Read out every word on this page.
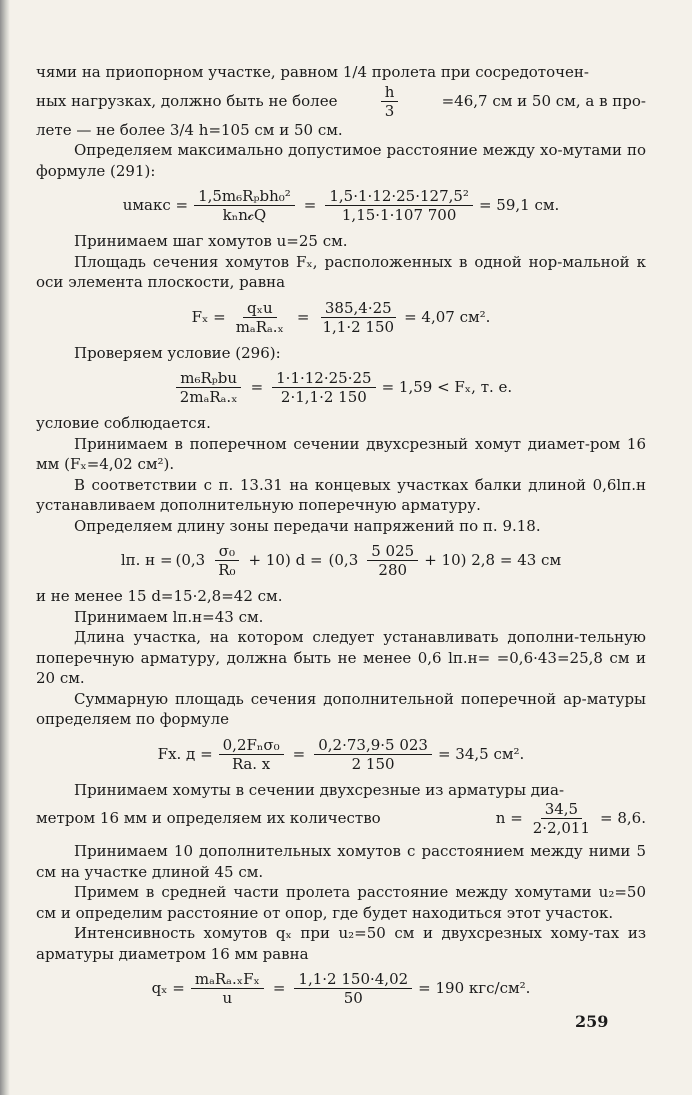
чями на приопорном участке, равном 1/4 пролета при сосредоточен-

ных нагрузках, должно быть не более	$\frac{h}{3}$	=46,7 см и 50 см, а в про-

лете — не более 3/4 h=105 см и 50 см.

Определяем максимально допустимое расстояние между хо-мутами по формуле (291):

uмакс = $\frac{\text{1,5m₆Rₚbh₀²}}{\text{kₙn𝒸Q}} = \frac{\text{1,5·1·12·25·127,5²}}{1,15\cdot 1\cdot 107 700} = 59,1$ см.

Принимаем шаг хомутов u=25 см.

Площадь сечения хомутов Fₓ, расположенных в одной нор-мальной к оси элемента плоскости, равна

$F_x = \frac{\text{qₓu}}{\text{mₐRₐ.ₓ}} = \frac{385,4\cdot 25}{1,1\cdot 2 150} = 4,07$ см².

Проверяем условие (296):

$\frac{\text{m₆Rₚbu}}{\text{2mₐRₐ.ₓ}} = \frac{1\cdot 1\cdot 12\cdot 25\cdot 25}{2\cdot 1,1\cdot 2 150} = 1,59 < F_x$, т. е.

условие соблюдается.

Принимаем в поперечном сечении двухсрезный хомут диамет-ром 16 мм (Fₓ=4,02 см²).

В соответствии с п. 13.31 на концевых участках балки длиной 0,6lп.н устанавливаем дополнительную поперечную арматуру.

Определяем длину зоны передачи напряжений по п. 9.18.

lп. $н = (0,3 \frac{\text{σ₀}}{\text{R₀}} + 10)$ $d = (0,3 \frac{5 025}{280} + 10)$ 2,8 = 43 см

и не менее 15 d=15·2,8=42 см.

Принимаем lп.н=43 см.

Длина участка, на котором следует устанавливать дополни-тельную поперечную арматуру, должна быть не менее 0,6 lп.н= =0,6·43=25,8 см и 20 см.

Суммарную площадь сечения дополнительной поперечной ар-матуры определяем по формуле

Fх. $д = \frac{\text{0,2Fₙσ₀}}{Rа. х} = \frac{0,2\cdot 73,9\cdot 5 023}{2 150} = 34,5$ см².

Принимаем хомуты в сечении двухсрезные из арматуры диа-

метром 16 мм и определяем их количество	$n = \frac{34,5}{2\cdot 2,011} = 8,6$.

Принимаем 10 дополнительных хомутов с расстоянием между ними 5 см на участке длиной 45 см.

Примем в средней части пролета расстояние между хомутами u₂=50 см и определим расстояние от опор, где будет находиться этот участок.

Интенсивность хомутов qₓ при u₂=50 см и двухсрезных хому-тах из арматуры диаметром 16 мм равна

$q_x = \frac{\text{mₐRₐ.ₓFₓ}}{u} = \frac{1,1\cdot 2 150\cdot 4,02}{50} = 190$ кгс/см².
259
